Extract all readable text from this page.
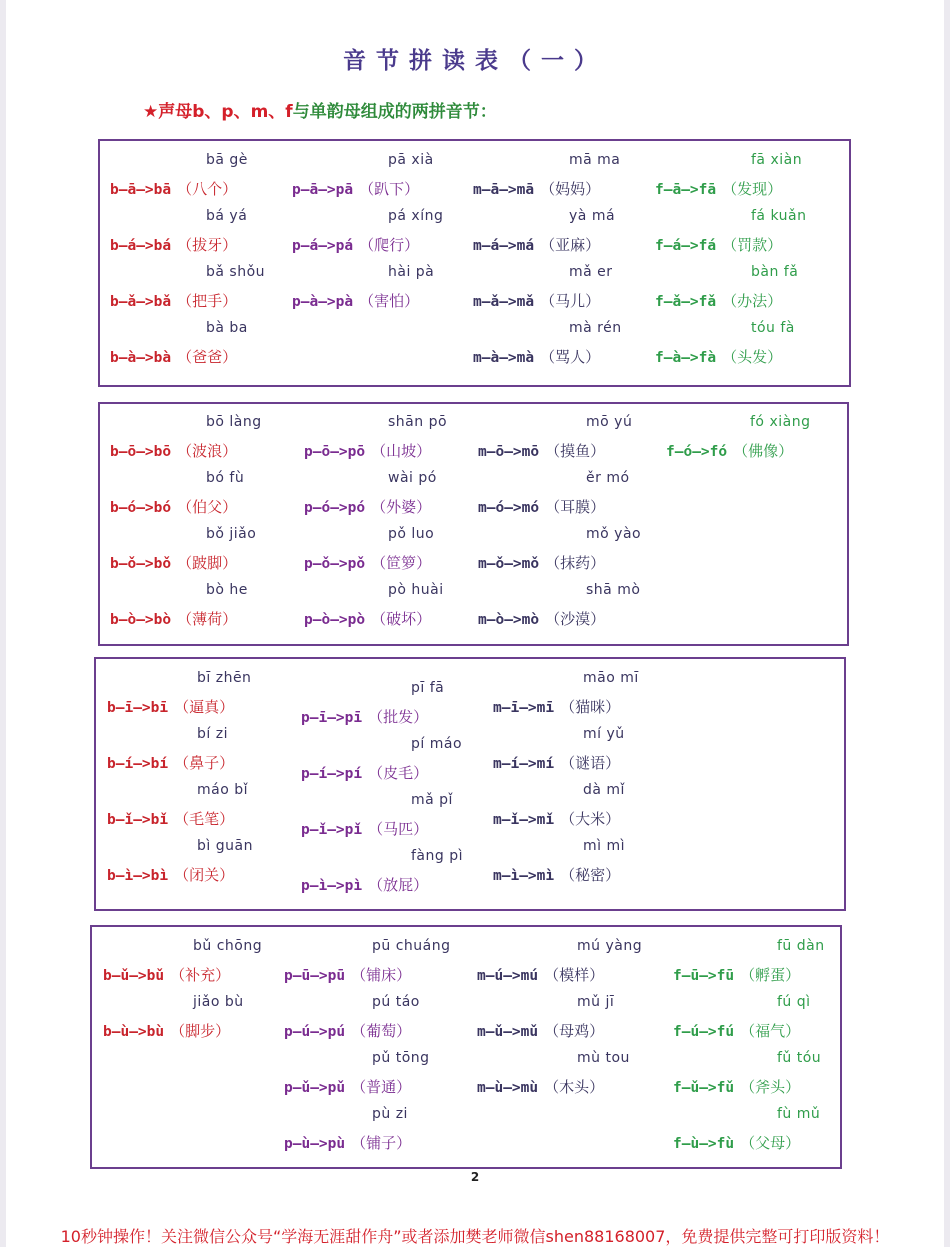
音节拼读表（一）
★声母b、p、m、f与单韵母组成的两拼音节：
2
10秒钟操作！关注微信公众号“学海无涯甜作舟”或者添加樊老师微信shen88168007，免费提供完整可打印版资料！
bā gè
b—ā—>bā （八个）
bá yá
b—á—>bá （拔牙）
bǎ shǒu
b—ǎ—>bǎ （把手）
bà ba
b—à—>bà （爸爸）
pā xià
p—ā—>pā （趴下）
pá xíng
p—á—>pá （爬行）
hài pà
p—à—>pà （害怕）
mā ma
m—ā—>mā （妈妈）
yà má
m—á—>má （亚麻）
mǎ er
m—ǎ—>mǎ （马儿）
mà rén
m—à—>mà （骂人）
fā xiàn
f—ā—>fā （发现）
fá kuǎn
f—á—>fá （罚款）
bàn fǎ
f—ǎ—>fǎ （办法）
tóu fà
f—à—>fà （头发）
bō làng
b—ō—>bō （波浪）
bó fù
b—ó—>bó （伯父）
bǒ jiǎo
b—ǒ—>bǒ （跛脚）
bò he
b—ò—>bò （薄荷）
shān pō
p—ō—>pō （山坡）
wài pó
p—ó—>pó （外婆）
pǒ luo
p—ǒ—>pǒ （笸箩）
pò huài
p—ò—>pò （破坏）
mō yú
m—ō—>mō （摸鱼）
ěr mó
m—ó—>mó （耳膜）
mǒ yào
m—ǒ—>mǒ （抹药）
shā mò
m—ò—>mò （沙漠）
fó xiàng
f—ó—>fó （佛像）
bī zhēn
b—ī—>bī （逼真）
bí zi
b—í—>bí （鼻子）
máo bǐ
b—ǐ—>bǐ （毛笔）
bì guān
b—ì—>bì （闭关）
pī fā
p—ī—>pī （批发）
pí máo
p—í—>pí （皮毛）
mǎ pǐ
p—ǐ—>pǐ （马匹）
fàng pì
p—ì—>pì （放屁）
māo mī
m—ī—>mī （猫咪）
mí yǔ
m—í—>mí （谜语）
dà mǐ
m—ǐ—>mǐ （大米）
mì mì
m—ì—>mì （秘密）
bǔ chōng
b—ǔ—>bǔ （补充）
jiǎo bù
b—ù—>bù （脚步）
pū chuáng
p—ū—>pū （铺床）
pú táo
p—ú—>pú （葡萄）
pǔ tōng
p—ǔ—>pǔ （普通）
pù zi
p—ù—>pù （铺子）
mú yàng
m—ú—>mú （模样）
mǔ jī
m—ǔ—>mǔ （母鸡）
mù tou
m—ù—>mù （木头）
fū dàn
f—ū—>fū （孵蛋）
fú qì
f—ú—>fú （福气）
fǔ tóu
f—ǔ—>fǔ （斧头）
fù mǔ
f—ù—>fù （父母）
